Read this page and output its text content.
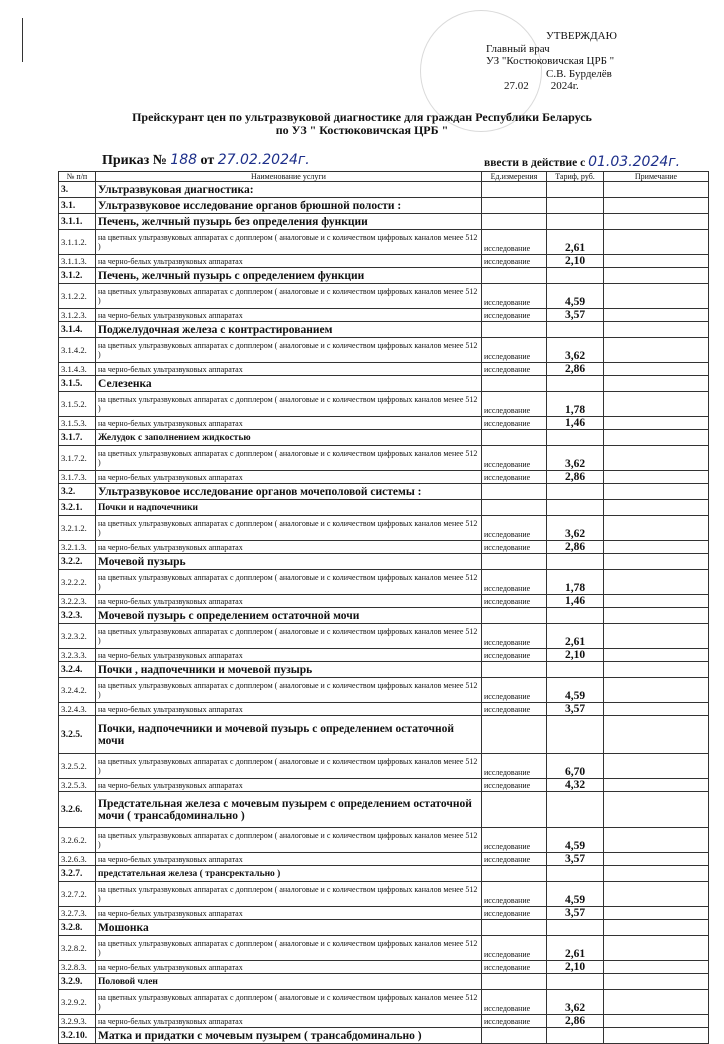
УТВЕРЖДАЮ
Главный врач
УЗ "Костюковичская ЦРБ "
С.В. Бурделёв
27.02 2024г.
Прейскурант цен по ультразвуковой диагностике для граждан Республики Беларусь
по УЗ " Костюковичская ЦРБ "
Приказ № 188 от 27.02.2024г.	ввести в действие с 01.03.2024г.
№ п/п	Наименование услуги	Ед.измерения	Тариф, руб.	Примечание
3.	Ультразвуковая диагностика:			
3.1.	Ультразвуковое исследование органов брюшной полости :			
3.1.1.	Печень, желчный пузырь без определения функции			
3.1.1.2.	на цветных ультразвуковых аппаратах с допплером ( аналоговые и с количеством цифровых каналов менее 512 )	исследование	2,61	
3.1.1.3.	на черно-белых ультразвуковых аппаратах	исследование	2,10	
3.1.2.	Печень, желчный пузырь с определением функции			
3.1.2.2.	на цветных ультразвуковых аппаратах с допплером ( аналоговые и с количеством цифровых каналов менее 512 )	исследование	4,59	
3.1.2.3.	на черно-белых ультразвуковых аппаратах	исследование	3,57	
3.1.4.	Поджелудочная железа с контрастированием			
3.1.4.2.	на цветных ультразвуковых аппаратах с допплером ( аналоговые и с количеством цифровых каналов менее 512 )	исследование	3,62	
3.1.4.3.	на черно-белых ультразвуковых аппаратах	исследование	2,86	
3.1.5.	Селезенка			
3.1.5.2.	на цветных ультразвуковых аппаратах с допплером ( аналоговые и с количеством цифровых каналов менее 512 )	исследование	1,78	
3.1.5.3.	на черно-белых ультразвуковых аппаратах	исследование	1,46	
3.1.7.	Желудок с заполнением жидкостью			
3.1.7.2.	на цветных ультразвуковых аппаратах с допплером ( аналоговые и с количеством цифровых каналов менее 512 )	исследование	3,62	
3.1.7.3.	на черно-белых ультразвуковых аппаратах	исследование	2,86	
3.2.	Ультразвуковое исследование органов мочеполовой системы :			
3.2.1.	Почки и надпочечники			
3.2.1.2.	на цветных ультразвуковых аппаратах с допплером ( аналоговые и с количеством цифровых каналов менее 512 )	исследование	3,62	
3.2.1.3.	на черно-белых ультразвуковых аппаратах	исследование	2,86	
3.2.2.	Мочевой пузырь			
3.2.2.2.	на цветных ультразвуковых аппаратах с допплером ( аналоговые и с количеством цифровых каналов менее 512 )	исследование	1,78	
3.2.2.3.	на черно-белых ультразвуковых аппаратах	исследование	1,46	
3.2.3.	Мочевой пузырь с определением остаточной мочи			
3.2.3.2.	на цветных ультразвуковых аппаратах с допплером ( аналоговые и с количеством цифровых каналов менее 512 )	исследование	2,61	
3.2.3.3.	на черно-белых ультразвуковых аппаратах	исследование	2,10	
3.2.4.	Почки , надпочечники и мочевой пузырь			
3.2.4.2.	на цветных ультразвуковых аппаратах с допплером ( аналоговые и с количеством цифровых каналов менее 512 )	исследование	4,59	
3.2.4.3.	на черно-белых ультразвуковых аппаратах	исследование	3,57	
3.2.5.	Почки, надпочечники и мочевой пузырь с определением остаточной мочи			
3.2.5.2.	на цветных ультразвуковых аппаратах с допплером ( аналоговые и с количеством цифровых каналов менее 512 )	исследование	6,70	
3.2.5.3.	на черно-белых ультразвуковых аппаратах	исследование	4,32	
3.2.6.	Предстательная железа с мочевым пузырем с определением остаточной мочи ( трансабдоминально )			
3.2.6.2.	на цветных ультразвуковых аппаратах с допплером ( аналоговые и с количеством цифровых каналов менее 512 )	исследование	4,59	
3.2.6.3.	на черно-белых ультразвуковых аппаратах	исследование	3,57	
3.2.7.	предстательная железа ( трансректально )			
3.2.7.2.	на цветных ультразвуковых аппаратах с допплером ( аналоговые и с количеством цифровых каналов менее 512 )	исследование	4,59	
3.2.7.3.	на черно-белых ультразвуковых аппаратах	исследование	3,57	
3.2.8.	Мошонка			
3.2.8.2.	на цветных ультразвуковых аппаратах с допплером ( аналоговые и с количеством цифровых каналов менее 512 )	исследование	2,61	
3.2.8.3.	на черно-белых ультразвуковых аппаратах	исследование	2,10	
3.2.9.	Половой член			
3.2.9.2.	на цветных ультразвуковых аппаратах с допплером ( аналоговые и с количеством цифровых каналов менее 512 )	исследование	3,62	
3.2.9.3.	на черно-белых ультразвуковых аппаратах	исследование	2,86	
3.2.10.	Матка и придатки с мочевым пузырем ( трансабдоминально )			
